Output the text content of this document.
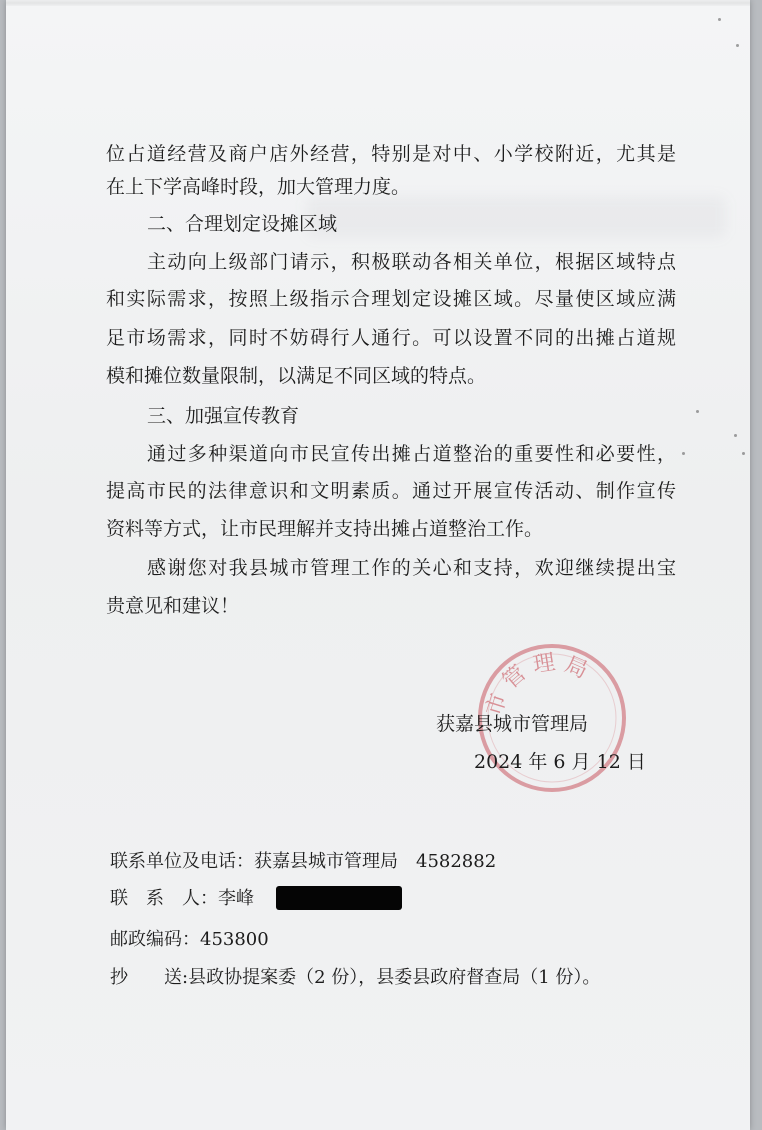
位占道经营及商户店外经营，特别是对中、小学校附近，尤其是
在上下学高峰时段，加大管理力度。
二、合理划定设摊区域
主动向上级部门请示，积极联动各相关单位，根据区域特点
和实际需求，按照上级指示合理划定设摊区域。尽量使区域应满
足市场需求，同时不妨碍行人通行。可以设置不同的出摊占道规
模和摊位数量限制，以满足不同区域的特点。
三、加强宣传教育
通过多种渠道向市民宣传出摊占道整治的重要性和必要性，
提高市民的法律意识和文明素质。通过开展宣传活动、制作宣传
资料等方式，让市民理解并支持出摊占道整治工作。
感谢您对我县城市管理工作的关心和支持，欢迎继续提出宝
贵意见和建议！
市 管 理 局
获嘉县城市管理局
2024 年 6 月 12 日
联系单位及电话：获嘉县城市管理局　4582882
联　系　人：李峰
邮政编码：453800
抄　　送:县政协提案委（2 份），县委县政府督查局（1 份）。
